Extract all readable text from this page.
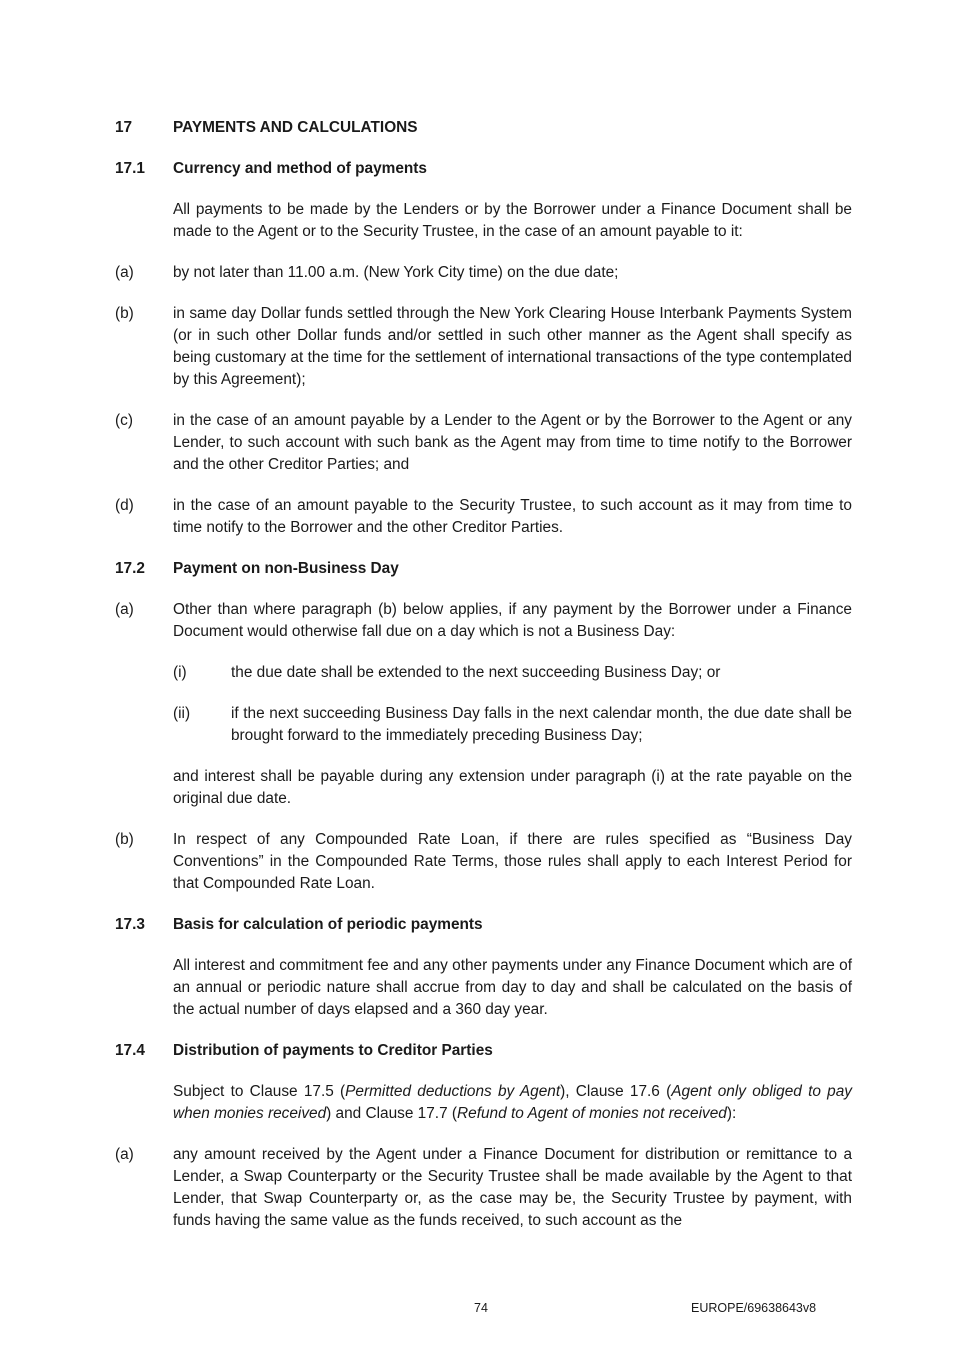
17	PAYMENTS AND CALCULATIONS
17.1	Currency and method of payments
All payments to be made by the Lenders or by the Borrower under a Finance Document shall be made to the Agent or to the Security Trustee, in the case of an amount payable to it:
(a)	by not later than 11.00 a.m. (New York City time) on the due date;
(b)	in same day Dollar funds settled through the New York Clearing House Interbank Payments System (or in such other Dollar funds and/or settled in such other manner as the Agent shall specify as being customary at the time for the settlement of international transactions of the type contemplated by this Agreement);
(c)	in the case of an amount payable by a Lender to the Agent or by the Borrower to the Agent or any Lender, to such account with such bank as the Agent may from time to time notify to the Borrower and the other Creditor Parties; and
(d)	in the case of an amount payable to the Security Trustee, to such account as it may from time to time notify to the Borrower and the other Creditor Parties.
17.2	Payment on non-Business Day
(a)	Other than where paragraph (b) below applies, if any payment by the Borrower under a Finance Document would otherwise fall due on a day which is not a Business Day:
(i)	the due date shall be extended to the next succeeding Business Day; or
(ii)	if the next succeeding Business Day falls in the next calendar month, the due date shall be brought forward to the immediately preceding Business Day;
and interest shall be payable during any extension under paragraph (i) at the rate payable on the original due date.
(b)	In respect of any Compounded Rate Loan, if there are rules specified as “Business Day Conventions” in the Compounded Rate Terms, those rules shall apply to each Interest Period for that Compounded Rate Loan.
17.3	Basis for calculation of periodic payments
All interest and commitment fee and any other payments under any Finance Document which are of an annual or periodic nature shall accrue from day to day and shall be calculated on the basis of the actual number of days elapsed and a 360 day year.
17.4	Distribution of payments to Creditor Parties
Subject to Clause 17.5 (Permitted deductions by Agent), Clause 17.6 (Agent only obliged to pay when monies received) and Clause 17.7 (Refund to Agent of monies not received):
(a)	any amount received by the Agent under a Finance Document for distribution or remittance to a Lender, a Swap Counterparty or the Security Trustee shall be made available by the Agent to that Lender, that Swap Counterparty or, as the case may be, the Security Trustee by payment, with funds having the same value as the funds received, to such account as the
74	EUROPE/69638643v8
